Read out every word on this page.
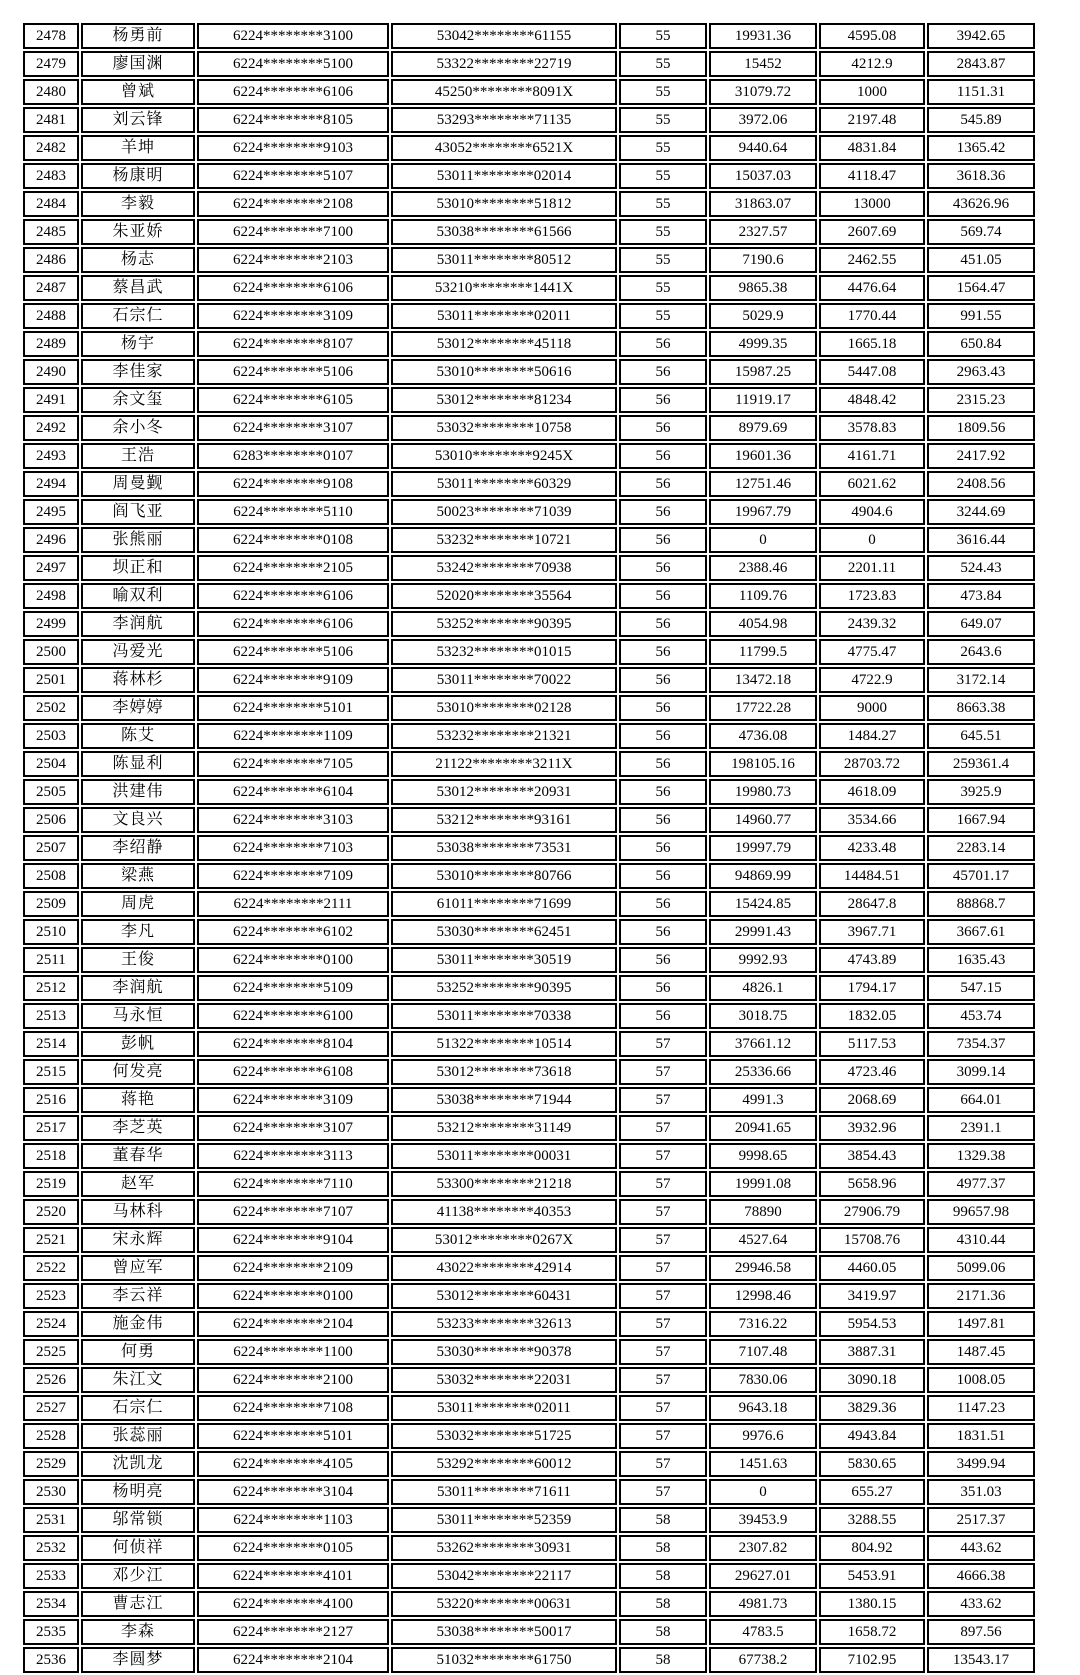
2478	杨勇前	6224********3100	53042********61155	55	19931.36	4595.08	3942.65
2479	廖国渊	6224********5100	53322********22719	55	15452	4212.9	2843.87
2480	曾斌	6224********6106	45250********8091X	55	31079.72	1000	1151.31
2481	刘云锋	6224********8105	53293********71135	55	3972.06	2197.48	545.89
2482	羊坤	6224********9103	43052********6521X	55	9440.64	4831.84	1365.42
2483	杨康明	6224********5107	53011********02014	55	15037.03	4118.47	3618.36
2484	李毅	6224********2108	53010********51812	55	31863.07	13000	43626.96
2485	朱亚娇	6224********7100	53038********61566	55	2327.57	2607.69	569.74
2486	杨志	6224********2103	53011********80512	55	7190.6	2462.55	451.05
2487	蔡昌武	6224********6106	53210********1441X	55	9865.38	4476.64	1564.47
2488	石宗仁	6224********3109	53011********02011	55	5029.9	1770.44	991.55
2489	杨宇	6224********8107	53012********45118	56	4999.35	1665.18	650.84
2490	李佳家	6224********5106	53010********50616	56	15987.25	5447.08	2963.43
2491	余文玺	6224********6105	53012********81234	56	11919.17	4848.42	2315.23
2492	余小冬	6224********3107	53032********10758	56	8979.69	3578.83	1809.56
2493	王浩	6283********0107	53010********9245X	56	19601.36	4161.71	2417.92
2494	周曼觐	6224********9108	53011********60329	56	12751.46	6021.62	2408.56
2495	阎飞亚	6224********5110	50023********71039	56	19967.79	4904.6	3244.69
2496	张熊丽	6224********0108	53232********10721	56	0	0	3616.44
2497	坝正和	6224********2105	53242********70938	56	2388.46	2201.11	524.43
2498	喻双利	6224********6106	52020********35564	56	1109.76	1723.83	473.84
2499	李润航	6224********6106	53252********90395	56	4054.98	2439.32	649.07
2500	冯爱光	6224********5106	53232********01015	56	11799.5	4775.47	2643.6
2501	蒋林杉	6224********9109	53011********70022	56	13472.18	4722.9	3172.14
2502	李婷婷	6224********5101	53010********02128	56	17722.28	9000	8663.38
2503	陈艾	6224********1109	53232********21321	56	4736.08	1484.27	645.51
2504	陈显利	6224********7105	21122********3211X	56	198105.16	28703.72	259361.4
2505	洪建伟	6224********6104	53012********20931	56	19980.73	4618.09	3925.9
2506	文良兴	6224********3103	53212********93161	56	14960.77	3534.66	1667.94
2507	李绍静	6224********7103	53038********73531	56	19997.79	4233.48	2283.14
2508	梁燕	6224********7109	53010********80766	56	94869.99	14484.51	45701.17
2509	周虎	6224********2111	61011********71699	56	15424.85	28647.8	88868.7
2510	李凡	6224********6102	53030********62451	56	29991.43	3967.71	3667.61
2511	王俊	6224********0100	53011********30519	56	9992.93	4743.89	1635.43
2512	李润航	6224********5109	53252********90395	56	4826.1	1794.17	547.15
2513	马永恒	6224********6100	53011********70338	56	3018.75	1832.05	453.74
2514	彭帆	6224********8104	51322********10514	57	37661.12	5117.53	7354.37
2515	何发亮	6224********6108	53012********73618	57	25336.66	4723.46	3099.14
2516	蒋艳	6224********3109	53038********71944	57	4991.3	2068.69	664.01
2517	李芝英	6224********3107	53212********31149	57	20941.65	3932.96	2391.1
2518	董春华	6224********3113	53011********00031	57	9998.65	3854.43	1329.38
2519	赵军	6224********7110	53300********21218	57	19991.08	5658.96	4977.37
2520	马林科	6224********7107	41138********40353	57	78890	27906.79	99657.98
2521	宋永辉	6224********9104	53012********0267X	57	4527.64	15708.76	4310.44
2522	曾应军	6224********2109	43022********42914	57	29946.58	4460.05	5099.06
2523	李云祥	6224********0100	53012********60431	57	12998.46	3419.97	2171.36
2524	施金伟	6224********2104	53233********32613	57	7316.22	5954.53	1497.81
2525	何勇	6224********1100	53030********90378	57	7107.48	3887.31	1487.45
2526	朱江文	6224********2100	53032********22031	57	7830.06	3090.18	1008.05
2527	石宗仁	6224********7108	53011********02011	57	9643.18	3829.36	1147.23
2528	张蕊丽	6224********5101	53032********51725	57	9976.6	4943.84	1831.51
2529	沈凯龙	6224********4105	53292********60012	57	1451.63	5830.65	3499.94
2530	杨明亮	6224********3104	53011********71611	57	0	655.27	351.03
2531	邬常锁	6224********1103	53011********52359	58	39453.9	3288.55	2517.37
2532	何侦祥	6224********0105	53262********30931	58	2307.82	804.92	443.62
2533	邓少江	6224********4101	53042********22117	58	29627.01	5453.91	4666.38
2534	曹志江	6224********4100	53220********00631	58	4981.73	1380.15	433.62
2535	李森	6224********2127	53038********50017	58	4783.5	1658.72	897.56
2536	李圆梦	6224********2104	51032********61750	58	67738.2	7102.95	13543.17
